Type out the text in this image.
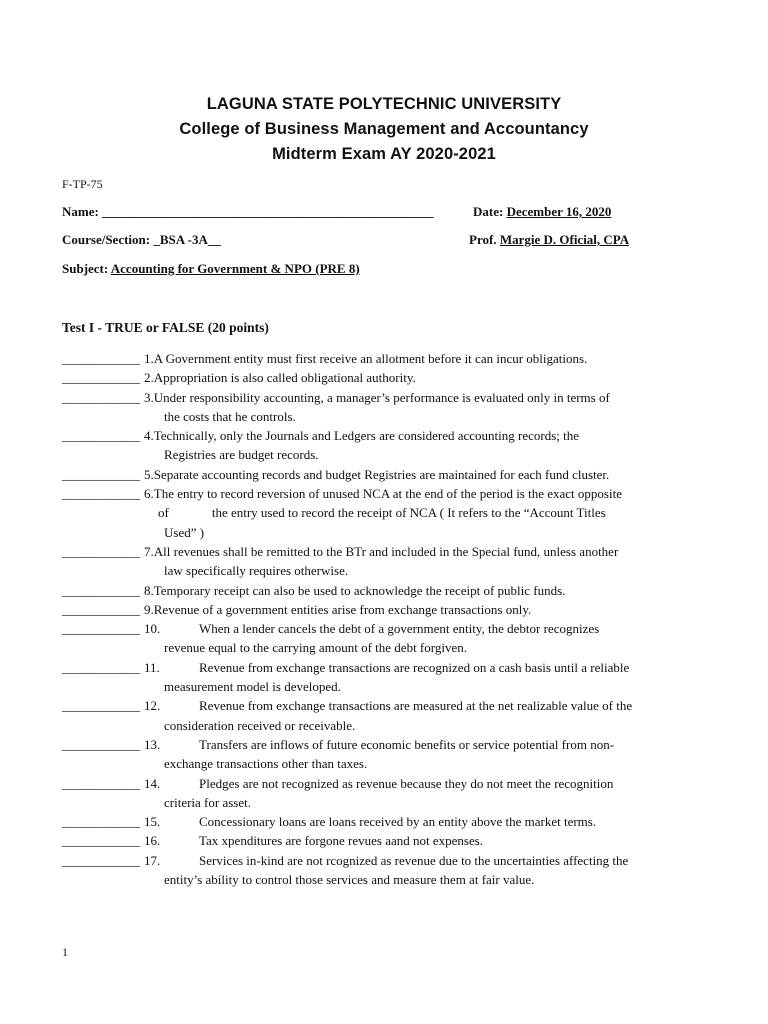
LAGUNA STATE POLYTECHNIC UNIVERSITY
College of Business Management and Accountancy
Midterm Exam AY 2020-2021
F-TP-75
Name: ___________________________________________________	Date: December 16, 2020
Course/Section: _BSA -3A__	Prof. Margie D. Oficial, CPA
Subject: Accounting for Government & NPO (PRE 8)
Test I - TRUE or FALSE (20 points)
____________ 1.A Government entity must first receive an allotment before it can incur obligations.
____________ 2.Appropriation is also called obligational authority.
____________ 3.Under responsibility accounting, a manager’s performance is evaluated only in terms of
the costs that he controls.
____________ 4.Technically, only the Journals and Ledgers are considered accounting records; the
Registries are budget records.
____________ 5.Separate accounting records and budget Registries are maintained for each fund cluster.
____________ 6.The entry to record reversion of unused NCA at the end of the period is the exact opposite
of	the entry used to record the receipt of NCA ( It refers to the “Account Titles
Used” )
____________ 7.All revenues shall be remitted to the BTr and included in the Special fund, unless another
law specifically requires otherwise.
____________ 8.Temporary receipt can also be used to acknowledge the receipt of public funds.
____________ 9.Revenue of a government entities arise from exchange transactions only.
____________ 10.	When a lender cancels the debt of a government entity, the debtor recognizes
revenue equal to the carrying amount of the debt forgiven.
____________ 11.	Revenue from exchange transactions are recognized on a cash basis until a reliable
measurement model is developed.
____________ 12.	Revenue from exchange transactions are measured at the net realizable value of the
consideration received or receivable.
____________ 13.	Transfers are inflows of future economic benefits or service potential from non-
exchange transactions other than taxes.
____________ 14.	Pledges are not recognized as revenue because they do not meet the recognition
criteria for asset.
____________ 15.	Concessionary loans are loans received by an entity above the market terms.
____________ 16.	Tax xpenditures are forgone revues aand not expenses.
____________ 17.	Services in-kind are not rcognized as revenue due to the uncertainties affecting the
entity’s ability to control those services and measure them at fair value.
1
